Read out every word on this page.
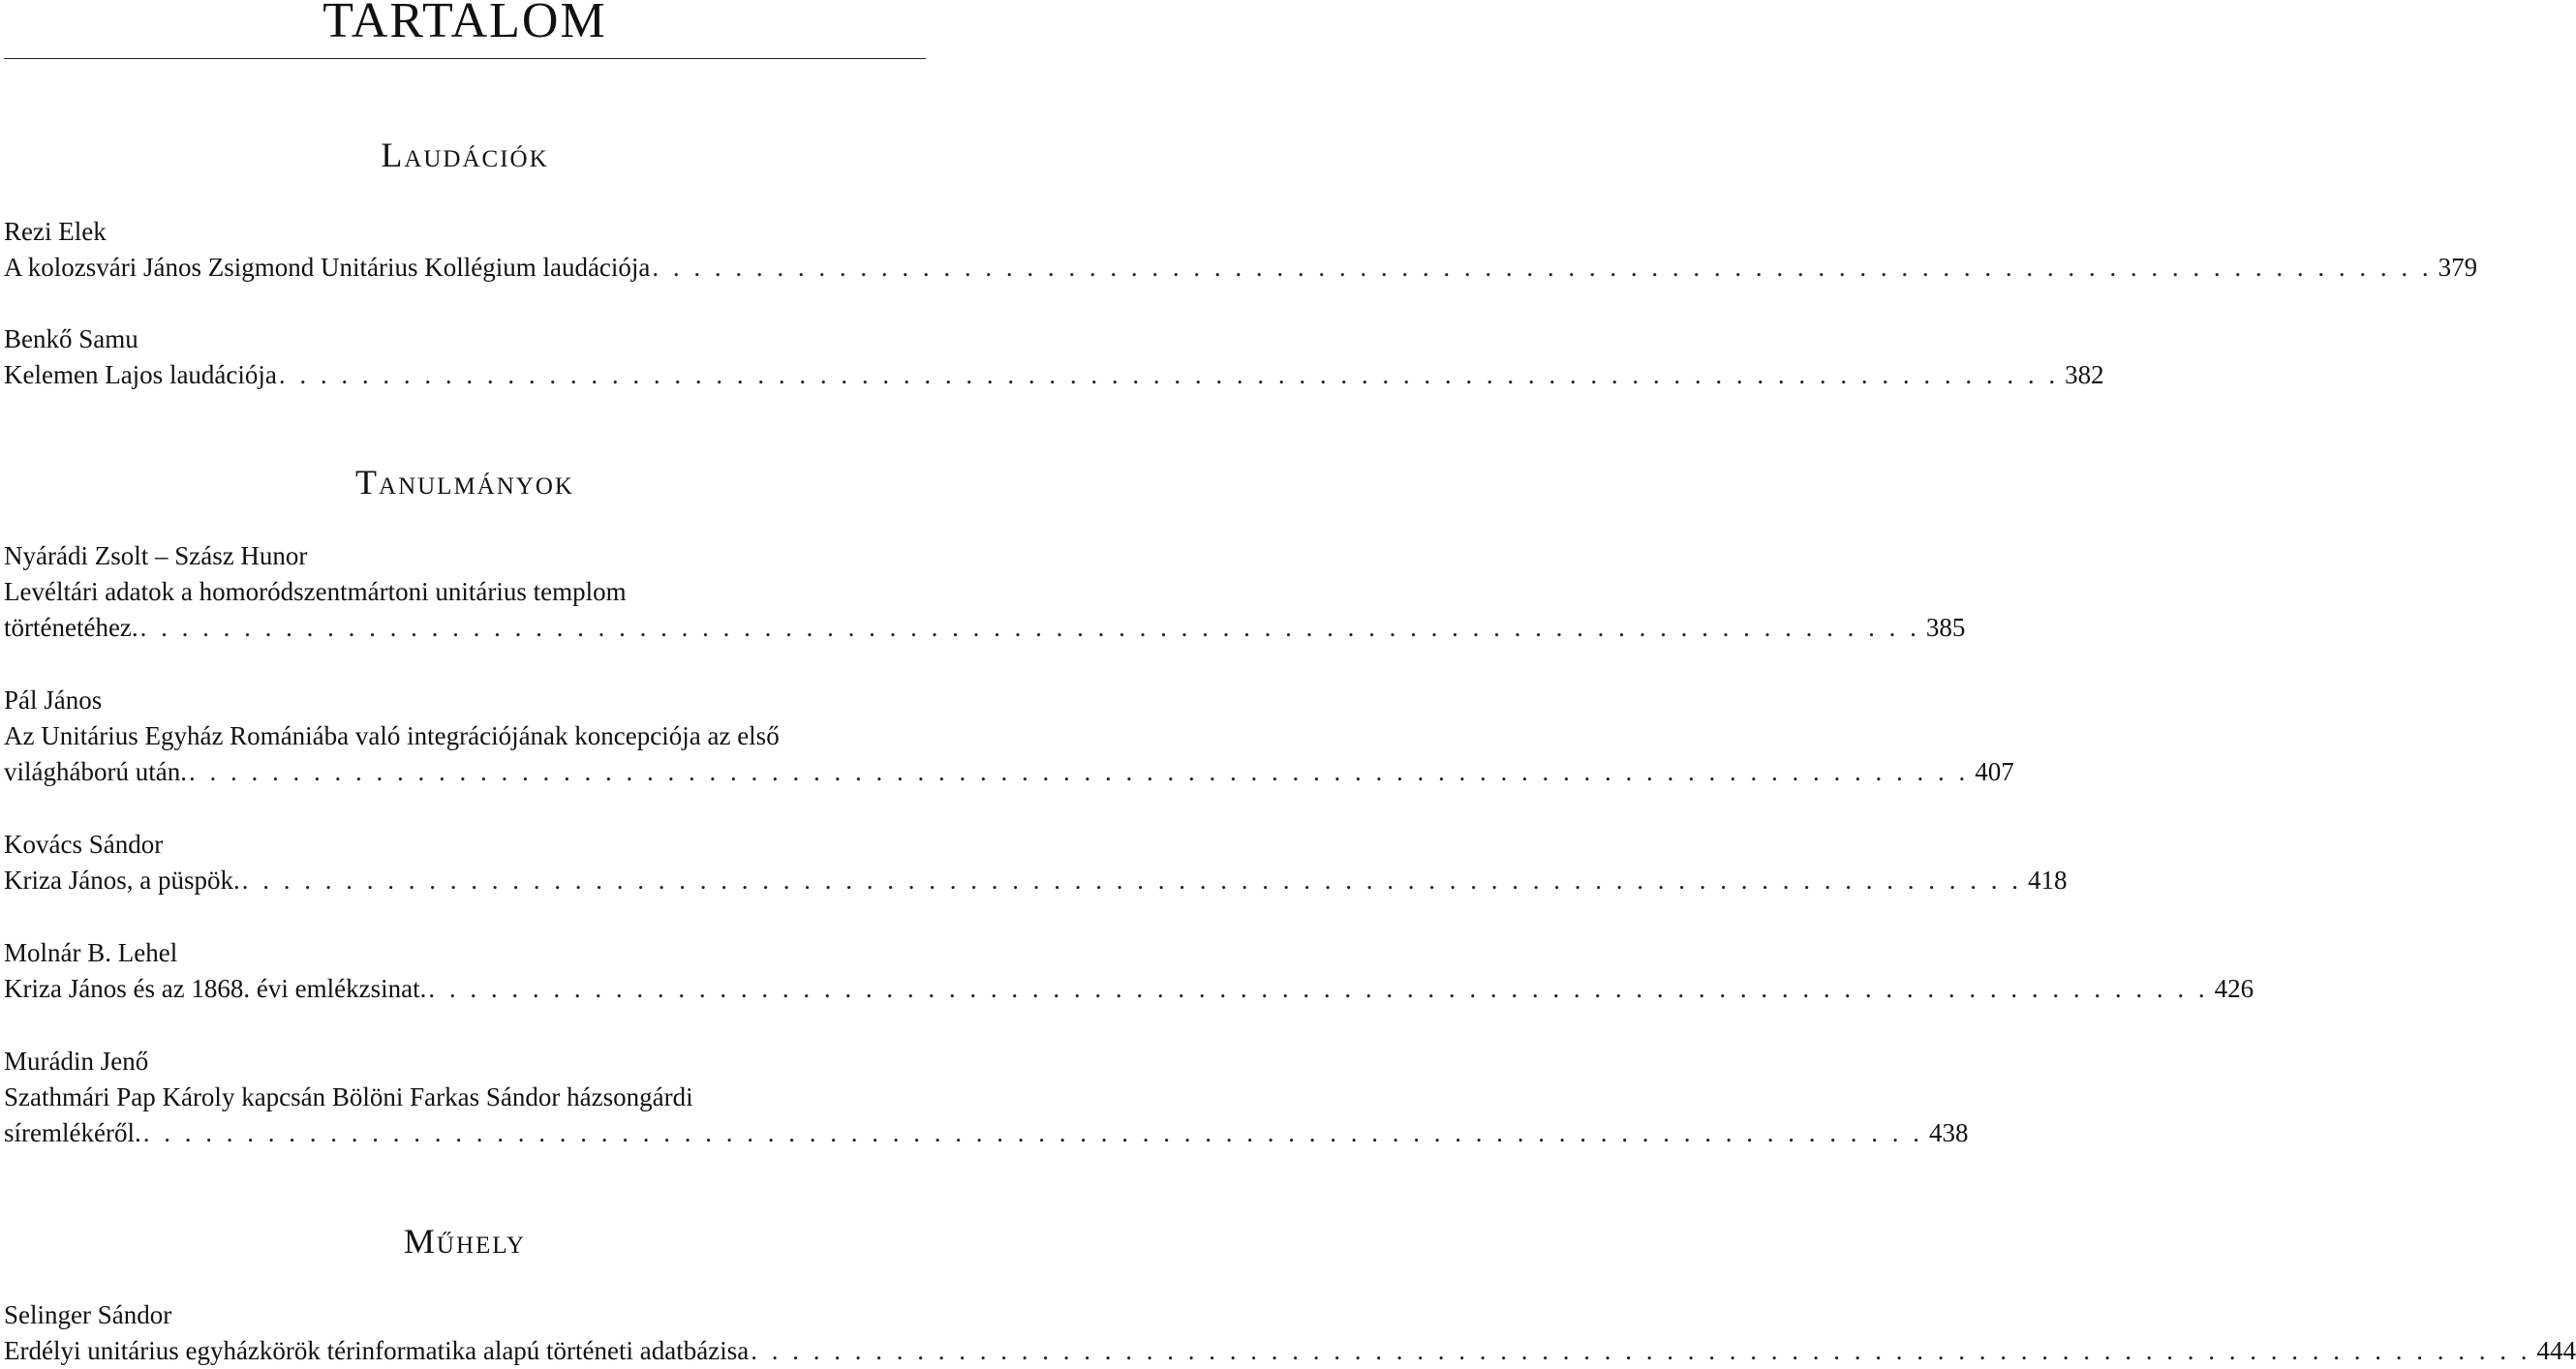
TARTALOM
Laudációk
Rezi Elek
A kolozsvári János Zsigmond Unitárius Kollégium laudációja . . . . . . . . . . . . . . . . . . . . . . . . . . . . . . . . . . . . . . . . . . . . . . . . . . . . . . . . . . . . . . . . . . . . . . . . . . . . . . . . . . . . . . 379
Benkő Samu
Kelemen Lajos laudációja . . . . . . . . . . . . . . . . . . . . . . . . . . . . . . . . . . . . . . . . . . . . . . . . . . . . . . . . . . . . . . . . . . . . . . . . . . . . . . . . . . . . . . 382
Tanulmányok
Nyárádi Zsolt – Szász Hunor
Levéltári adatok a homoródszentmártoni unitárius templom
történetéhez. . . . . . . . . . . . . . . . . . . . . . . . . . . . . . . . . . . . . . . . . . . . . . . . . . . . . . . . . . . . . . . . . . . . . . . . . . . . . . . . . . . . . . . 385
Pál János
Az Unitárius Egyház Romániába való integrációjának koncepciója az első
világháború után. . . . . . . . . . . . . . . . . . . . . . . . . . . . . . . . . . . . . . . . . . . . . . . . . . . . . . . . . . . . . . . . . . . . . . . . . . . . . . . . . . . . . . . 407
Kovács Sándor
Kriza János, a püspök. . . . . . . . . . . . . . . . . . . . . . . . . . . . . . . . . . . . . . . . . . . . . . . . . . . . . . . . . . . . . . . . . . . . . . . . . . . . . . . . . . . . . . . 418
Molnár B. Lehel
Kriza János és az 1868. évi emlékzsinat. . . . . . . . . . . . . . . . . . . . . . . . . . . . . . . . . . . . . . . . . . . . . . . . . . . . . . . . . . . . . . . . . . . . . . . . . . . . . . . . . . . . . . . 426
Murádin Jenő
Szathmári Pap Károly kapcsán Bölöni Farkas Sándor házsongárdi
síremlékéről. . . . . . . . . . . . . . . . . . . . . . . . . . . . . . . . . . . . . . . . . . . . . . . . . . . . . . . . . . . . . . . . . . . . . . . . . . . . . . . . . . . . . . . 438
Műhely
Selinger Sándor
Erdélyi unitárius egyházkörök térinformatika alapú történeti adatbázisa . . . . . . . . . . . . . . . . . . . . . . . . . . . . . . . . . . . . . . . . . . . . . . . . . . . . . . . . . . . . . . . . . . . . . . . . . . . . . . . . . . . . . . 444
